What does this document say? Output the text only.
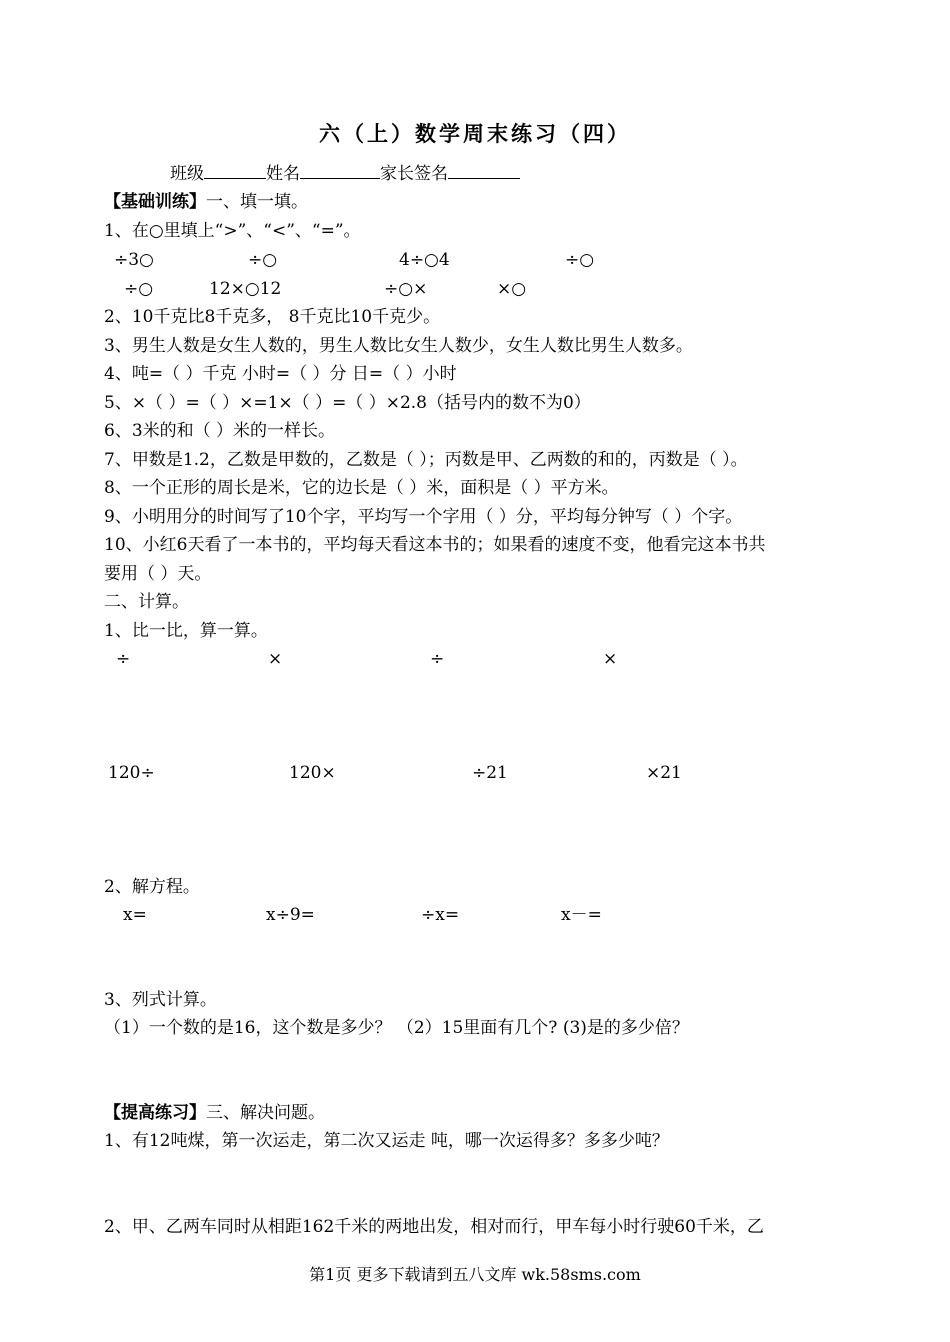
六（上）数学周末练习（四）
班级	姓名	家长签名
【基础训练】一、填一填。
1、在○里填上“>”、“<”、“=”。
÷3○	÷○	4÷○4	÷○
÷○	12×○12	÷○×	×○
2、10千克比8千克多， 8千克比10千克少。
3、男生人数是女生人数的，男生人数比女生人数少，女生人数比男生人数多。
4、吨=（ ）千克 小时=（ ）分 日=（ ）小时
5、×（ ）=（ ）×=1×（ ）=（ ）×2.8（括号内的数不为0）
6、3米的和（ ）米的一样长。
7、甲数是1.2，乙数是甲数的，乙数是（ ）；丙数是甲、乙两数的和的，丙数是（ ）。
8、一个正形的周长是米，它的边长是（ ）米，面积是（ ）平方米。
9、小明用分的时间写了10个字，平均写一个字用（ ）分，平均每分钟写（ ）个字。
10、小红6天看了一本书的，平均每天看这本书的；如果看的速度不变，他看完这本书共
要用（ ）天。
二、计算。
1、比一比，算一算。
÷	×	÷	×
120÷	120×	÷21	×21
2、解方程。
x=	x÷9=	÷x=	x－=
3、列式计算。
（1）一个数的是16，这个数是多少？ （2）15里面有几个? (3)是的多少倍？
【提高练习】三、解决问题。
1、有12吨煤，第一次运走，第二次又运走 吨，哪一次运得多？多多少吨？
2、甲、乙两车同时从相距162千米的两地出发，相对而行，甲车每小时行驶60千米，乙
第1页 更多下载请到五八文库 wk.58sms.com
